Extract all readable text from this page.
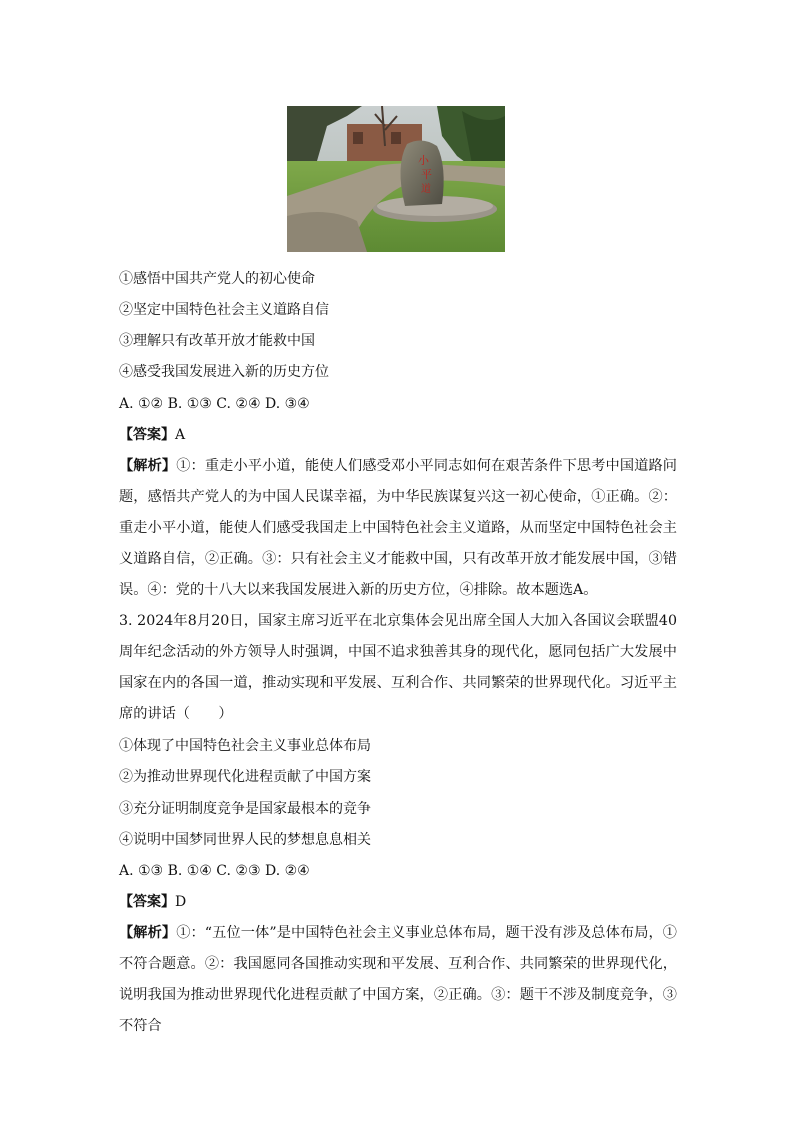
小
平
道
①感悟中国共产党人的初心使命
②坚定中国特色社会主义道路自信
③理解只有改革开放才能救中国
④感受我国发展进入新的历史方位
A. ①② B. ①③ C. ②④ D. ③④
【答案】A
【解析】①：重走小平小道，能使人们感受邓小平同志如何在艰苦条件下思考中国道路问题，感悟共产党人的为中国人民谋幸福，为中华民族谋复兴这一初心使命，①正确。②：重走小平小道，能使人们感受我国走上中国特色社会主义道路，从而坚定中国特色社会主义道路自信，②正确。③：只有社会主义才能救中国，只有改革开放才能发展中国，③错误。④：党的十八大以来我国发展进入新的历史方位，④排除。故本题选A。
3. 2024年8月20日，国家主席习近平在北京集体会见出席全国人大加入各国议会联盟40周年纪念活动的外方领导人时强调，中国不追求独善其身的现代化，愿同包括广大发展中国家在内的各国一道，推动实现和平发展、互利合作、共同繁荣的世界现代化。习近平主席的讲话（　　）
①体现了中国特色社会主义事业总体布局
②为推动世界现代化进程贡献了中国方案
③充分证明制度竞争是国家最根本的竞争
④说明中国梦同世界人民的梦想息息相关
A. ①③ B. ①④ C. ②③ D. ②④
【答案】D
【解析】①：“五位一体”是中国特色社会主义事业总体布局，题干没有涉及总体布局，①不符合题意。②：我国愿同各国推动实现和平发展、互利合作、共同繁荣的世界现代化，说明我国为推动世界现代化进程贡献了中国方案，②正确。③：题干不涉及制度竞争，③不符合
